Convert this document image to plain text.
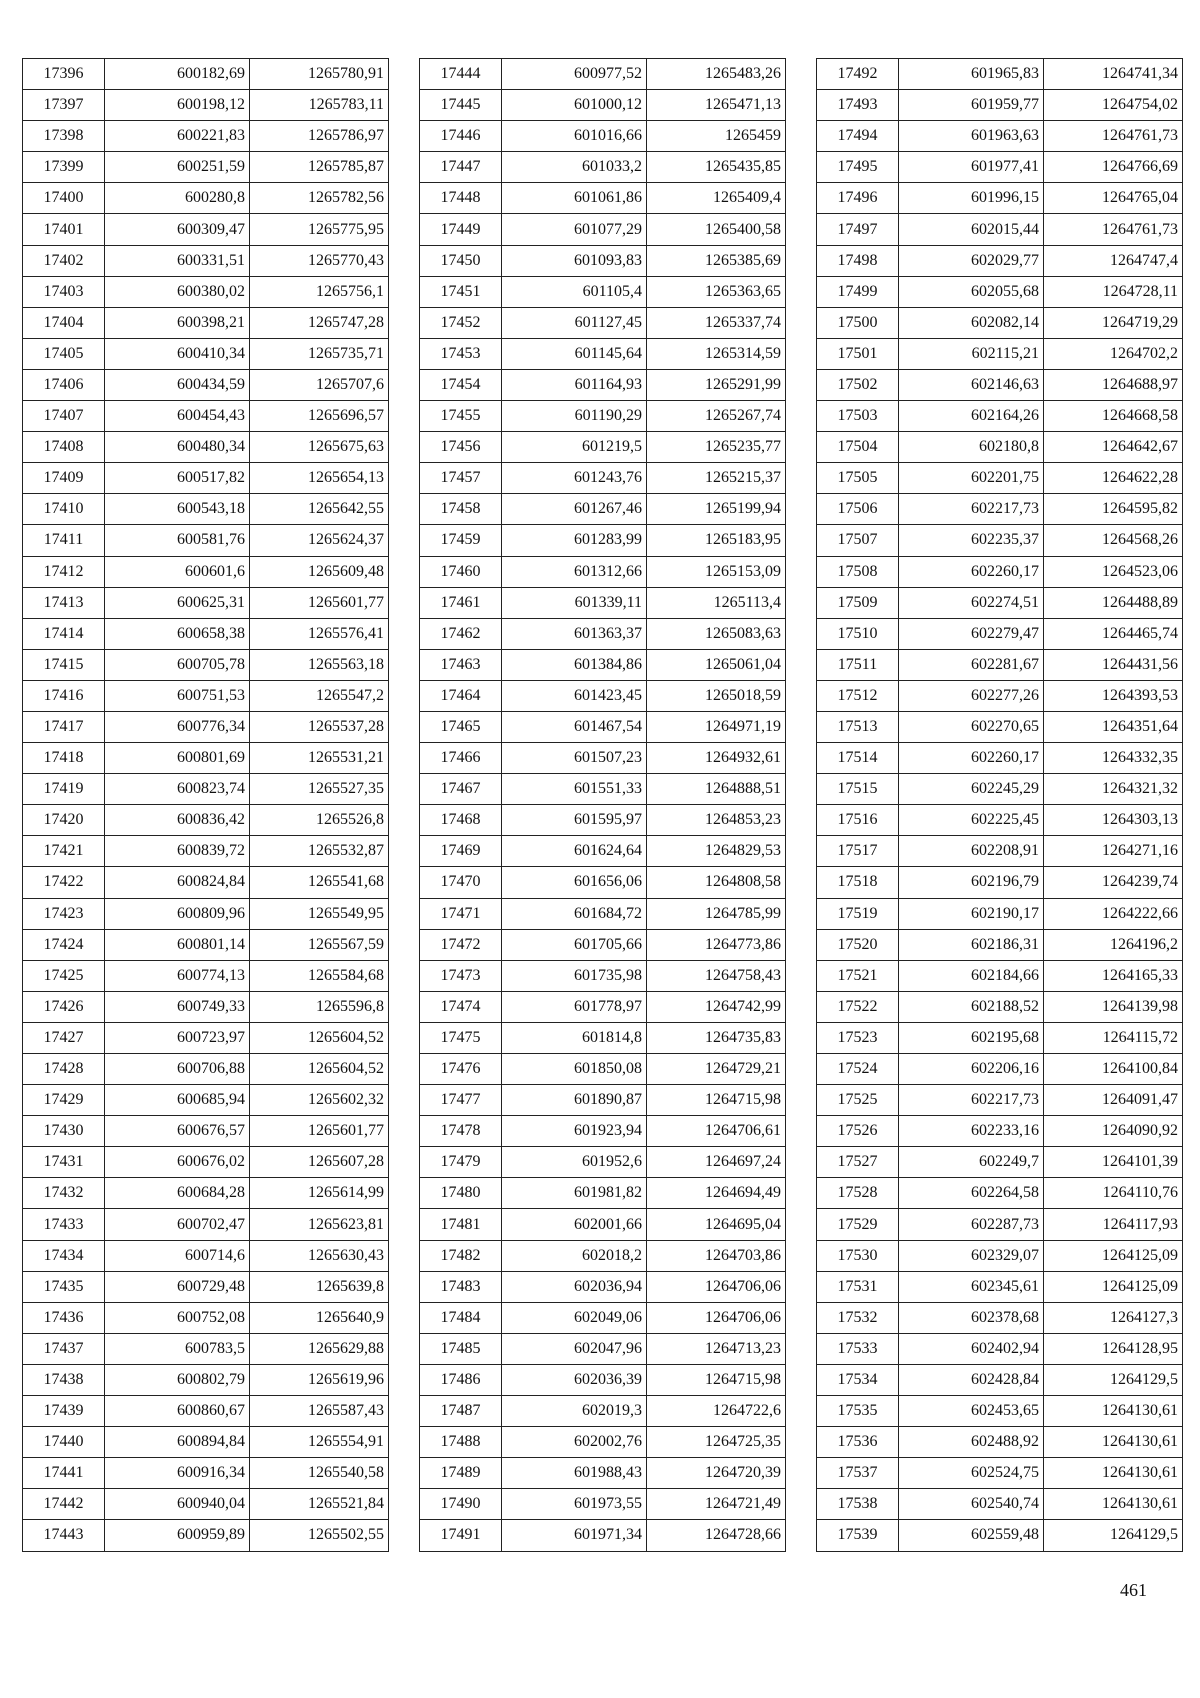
17396	600182,69	1265780,91
17397	600198,12	1265783,11
17398	600221,83	1265786,97
17399	600251,59	1265785,87
17400	600280,8	1265782,56
17401	600309,47	1265775,95
17402	600331,51	1265770,43
17403	600380,02	1265756,1
17404	600398,21	1265747,28
17405	600410,34	1265735,71
17406	600434,59	1265707,6
17407	600454,43	1265696,57
17408	600480,34	1265675,63
17409	600517,82	1265654,13
17410	600543,18	1265642,55
17411	600581,76	1265624,37
17412	600601,6	1265609,48
17413	600625,31	1265601,77
17414	600658,38	1265576,41
17415	600705,78	1265563,18
17416	600751,53	1265547,2
17417	600776,34	1265537,28
17418	600801,69	1265531,21
17419	600823,74	1265527,35
17420	600836,42	1265526,8
17421	600839,72	1265532,87
17422	600824,84	1265541,68
17423	600809,96	1265549,95
17424	600801,14	1265567,59
17425	600774,13	1265584,68
17426	600749,33	1265596,8
17427	600723,97	1265604,52
17428	600706,88	1265604,52
17429	600685,94	1265602,32
17430	600676,57	1265601,77
17431	600676,02	1265607,28
17432	600684,28	1265614,99
17433	600702,47	1265623,81
17434	600714,6	1265630,43
17435	600729,48	1265639,8
17436	600752,08	1265640,9
17437	600783,5	1265629,88
17438	600802,79	1265619,96
17439	600860,67	1265587,43
17440	600894,84	1265554,91
17441	600916,34	1265540,58
17442	600940,04	1265521,84
17443	600959,89	1265502,55
17444	600977,52	1265483,26
17445	601000,12	1265471,13
17446	601016,66	1265459
17447	601033,2	1265435,85
17448	601061,86	1265409,4
17449	601077,29	1265400,58
17450	601093,83	1265385,69
17451	601105,4	1265363,65
17452	601127,45	1265337,74
17453	601145,64	1265314,59
17454	601164,93	1265291,99
17455	601190,29	1265267,74
17456	601219,5	1265235,77
17457	601243,76	1265215,37
17458	601267,46	1265199,94
17459	601283,99	1265183,95
17460	601312,66	1265153,09
17461	601339,11	1265113,4
17462	601363,37	1265083,63
17463	601384,86	1265061,04
17464	601423,45	1265018,59
17465	601467,54	1264971,19
17466	601507,23	1264932,61
17467	601551,33	1264888,51
17468	601595,97	1264853,23
17469	601624,64	1264829,53
17470	601656,06	1264808,58
17471	601684,72	1264785,99
17472	601705,66	1264773,86
17473	601735,98	1264758,43
17474	601778,97	1264742,99
17475	601814,8	1264735,83
17476	601850,08	1264729,21
17477	601890,87	1264715,98
17478	601923,94	1264706,61
17479	601952,6	1264697,24
17480	601981,82	1264694,49
17481	602001,66	1264695,04
17482	602018,2	1264703,86
17483	602036,94	1264706,06
17484	602049,06	1264706,06
17485	602047,96	1264713,23
17486	602036,39	1264715,98
17487	602019,3	1264722,6
17488	602002,76	1264725,35
17489	601988,43	1264720,39
17490	601973,55	1264721,49
17491	601971,34	1264728,66
17492	601965,83	1264741,34
17493	601959,77	1264754,02
17494	601963,63	1264761,73
17495	601977,41	1264766,69
17496	601996,15	1264765,04
17497	602015,44	1264761,73
17498	602029,77	1264747,4
17499	602055,68	1264728,11
17500	602082,14	1264719,29
17501	602115,21	1264702,2
17502	602146,63	1264688,97
17503	602164,26	1264668,58
17504	602180,8	1264642,67
17505	602201,75	1264622,28
17506	602217,73	1264595,82
17507	602235,37	1264568,26
17508	602260,17	1264523,06
17509	602274,51	1264488,89
17510	602279,47	1264465,74
17511	602281,67	1264431,56
17512	602277,26	1264393,53
17513	602270,65	1264351,64
17514	602260,17	1264332,35
17515	602245,29	1264321,32
17516	602225,45	1264303,13
17517	602208,91	1264271,16
17518	602196,79	1264239,74
17519	602190,17	1264222,66
17520	602186,31	1264196,2
17521	602184,66	1264165,33
17522	602188,52	1264139,98
17523	602195,68	1264115,72
17524	602206,16	1264100,84
17525	602217,73	1264091,47
17526	602233,16	1264090,92
17527	602249,7	1264101,39
17528	602264,58	1264110,76
17529	602287,73	1264117,93
17530	602329,07	1264125,09
17531	602345,61	1264125,09
17532	602378,68	1264127,3
17533	602402,94	1264128,95
17534	602428,84	1264129,5
17535	602453,65	1264130,61
17536	602488,92	1264130,61
17537	602524,75	1264130,61
17538	602540,74	1264130,61
17539	602559,48	1264129,5
461
